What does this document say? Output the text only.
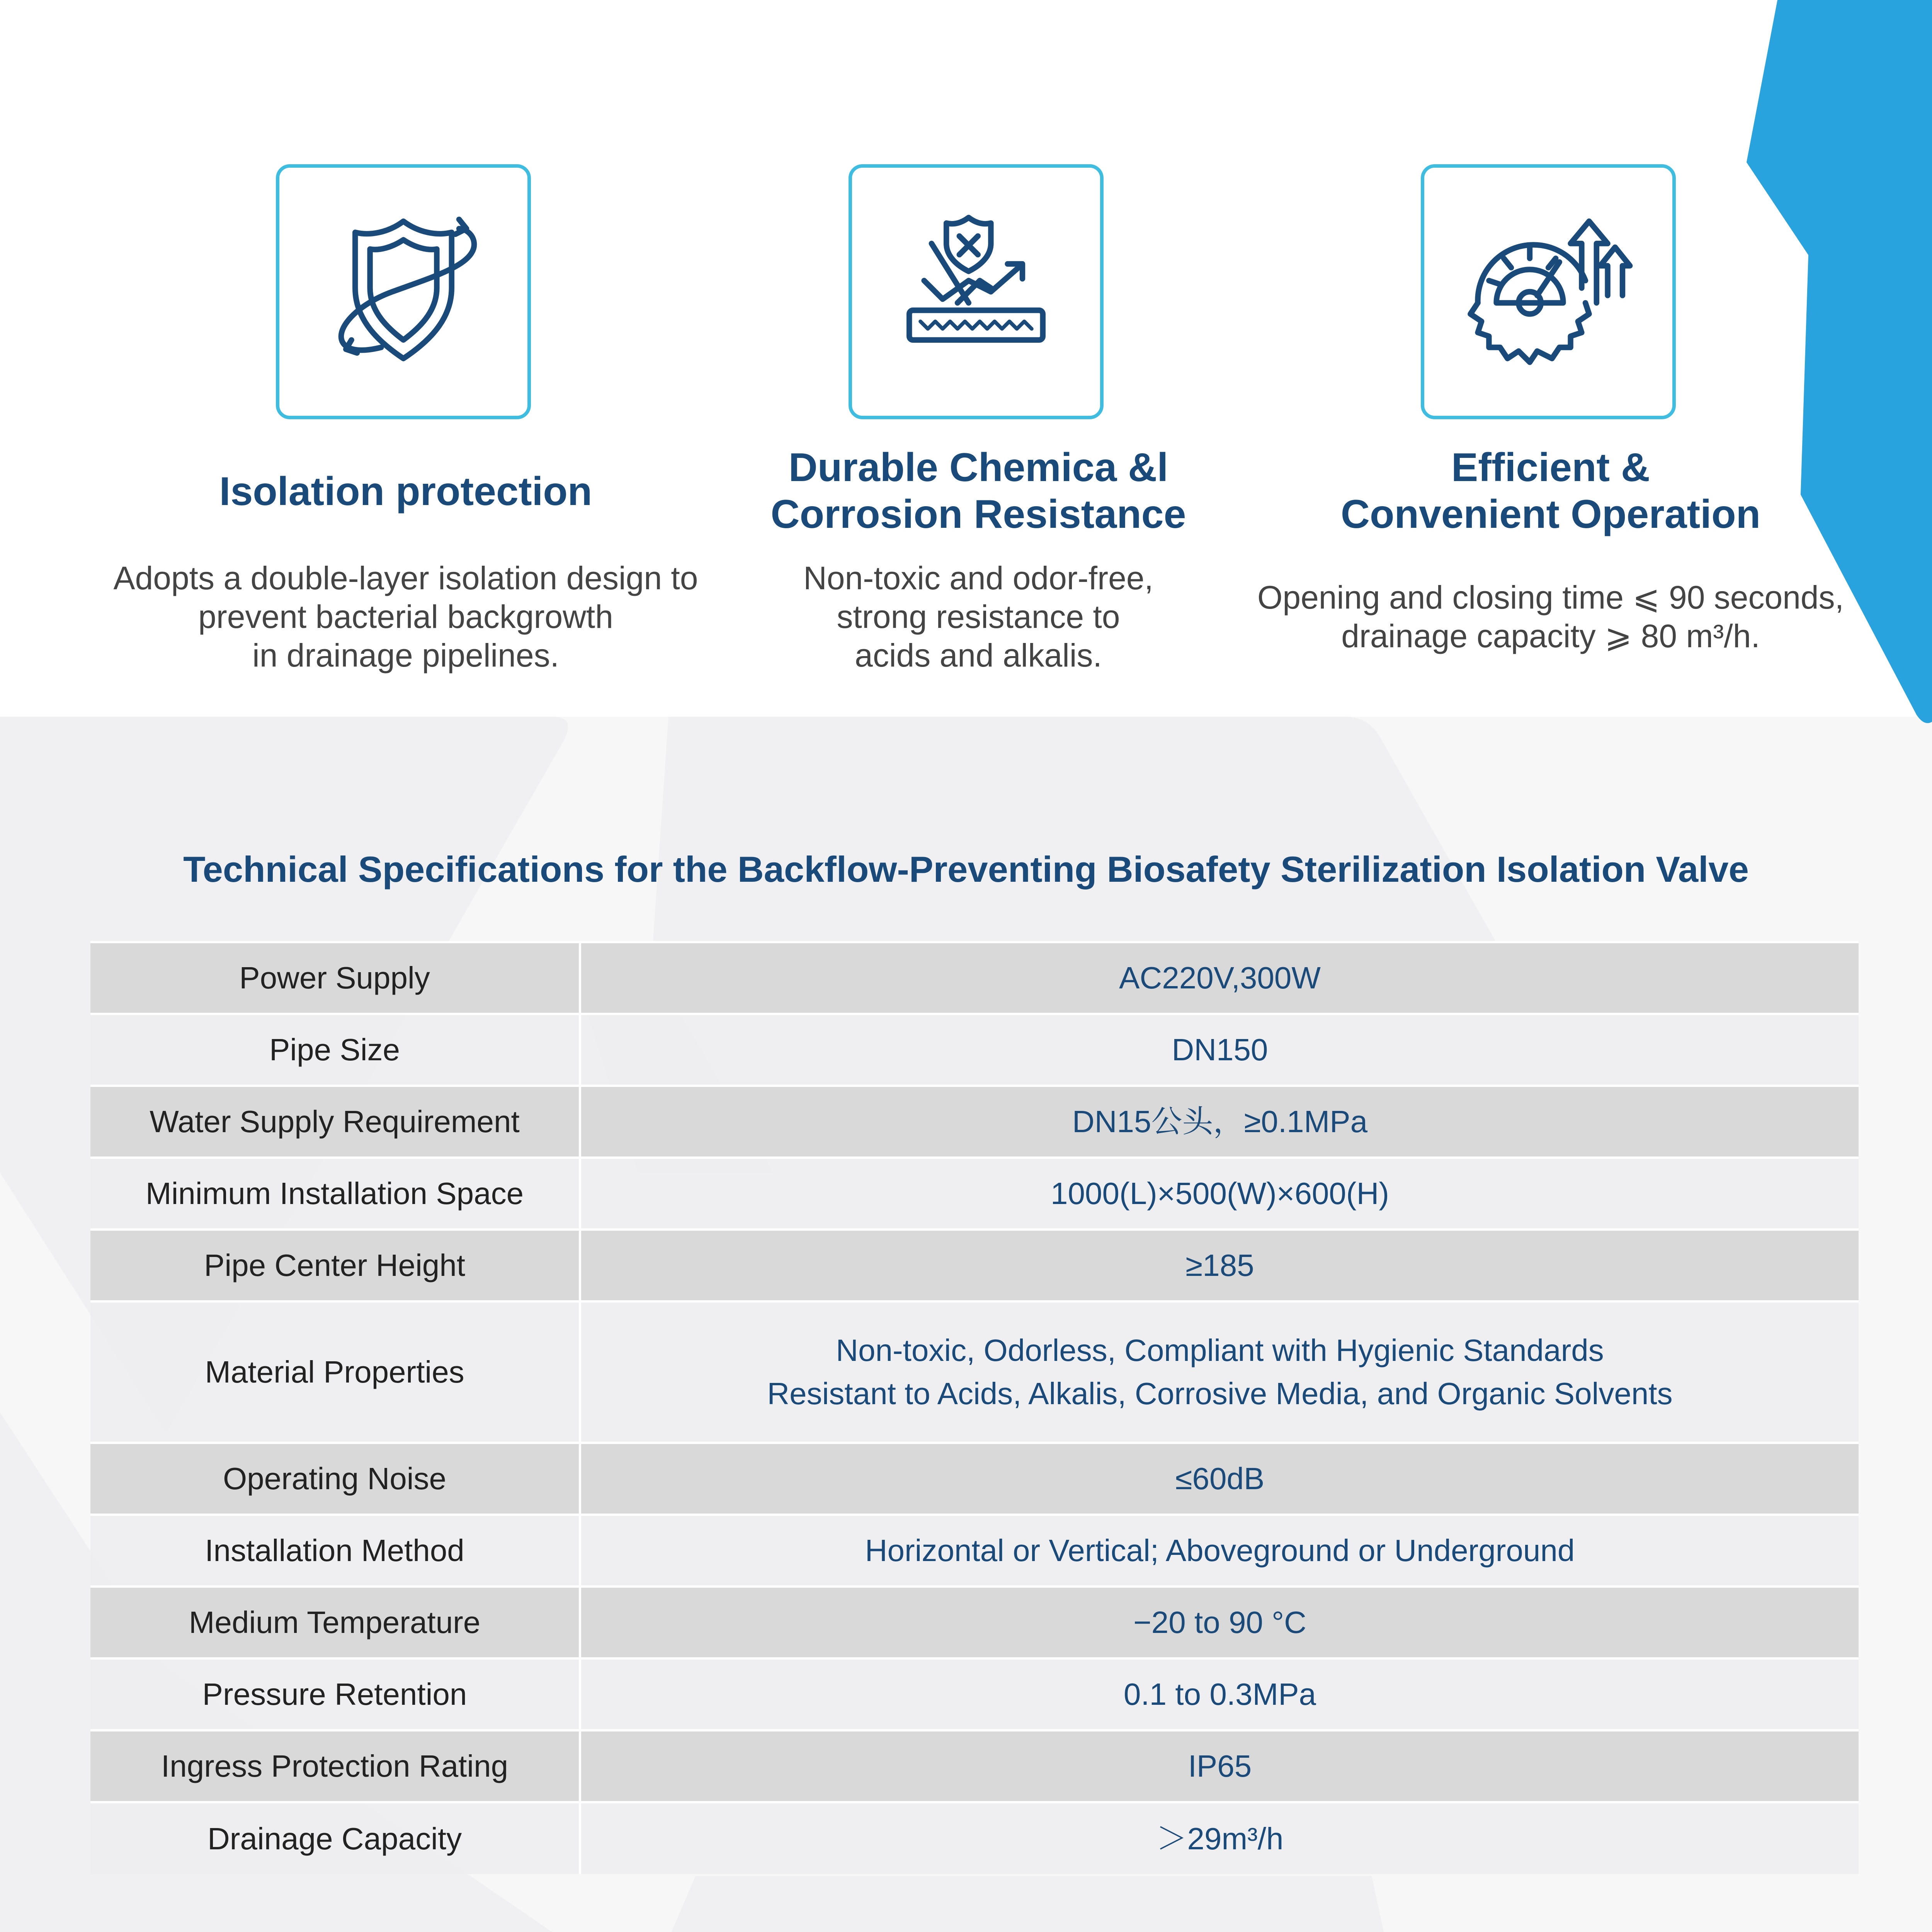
Isolation protection
Adopts a double-layer isolation design to
prevent bacterial backgrowth
in drainage pipelines.
Durable Chemica &l
Corrosion Resistance
Non-toxic and odor-free,
strong resistance to
acids and alkalis.
Efficient &
Convenient Operation
Opening and closing time ⩽ 90 seconds,
drainage capacity ⩾ 80 m³/h.
Technical Specifications for the Backflow-Preventing Biosafety Sterilization Isolation Valve
Power Supply	AC220V,300W
Pipe Size	DN150
Water Supply Requirement	DN15公头，≥0.1MPa
Minimum Installation Space	1000(L)×500(W)×600(H)
Pipe Center Height	≥185
Material Properties	Non-toxic, Odorless, Compliant with Hygienic Standards
Resistant to Acids, Alkalis, Corrosive Media, and Organic Solvents

Operating Noise	≤60dB
Installation Method	Horizontal or Vertical; Aboveground or Underground
Medium Temperature	−20 to 90 °C
Pressure Retention	0.1 to 0.3MPa
Ingress Protection Rating	IP65
Drainage Capacity	＞29m³/h
